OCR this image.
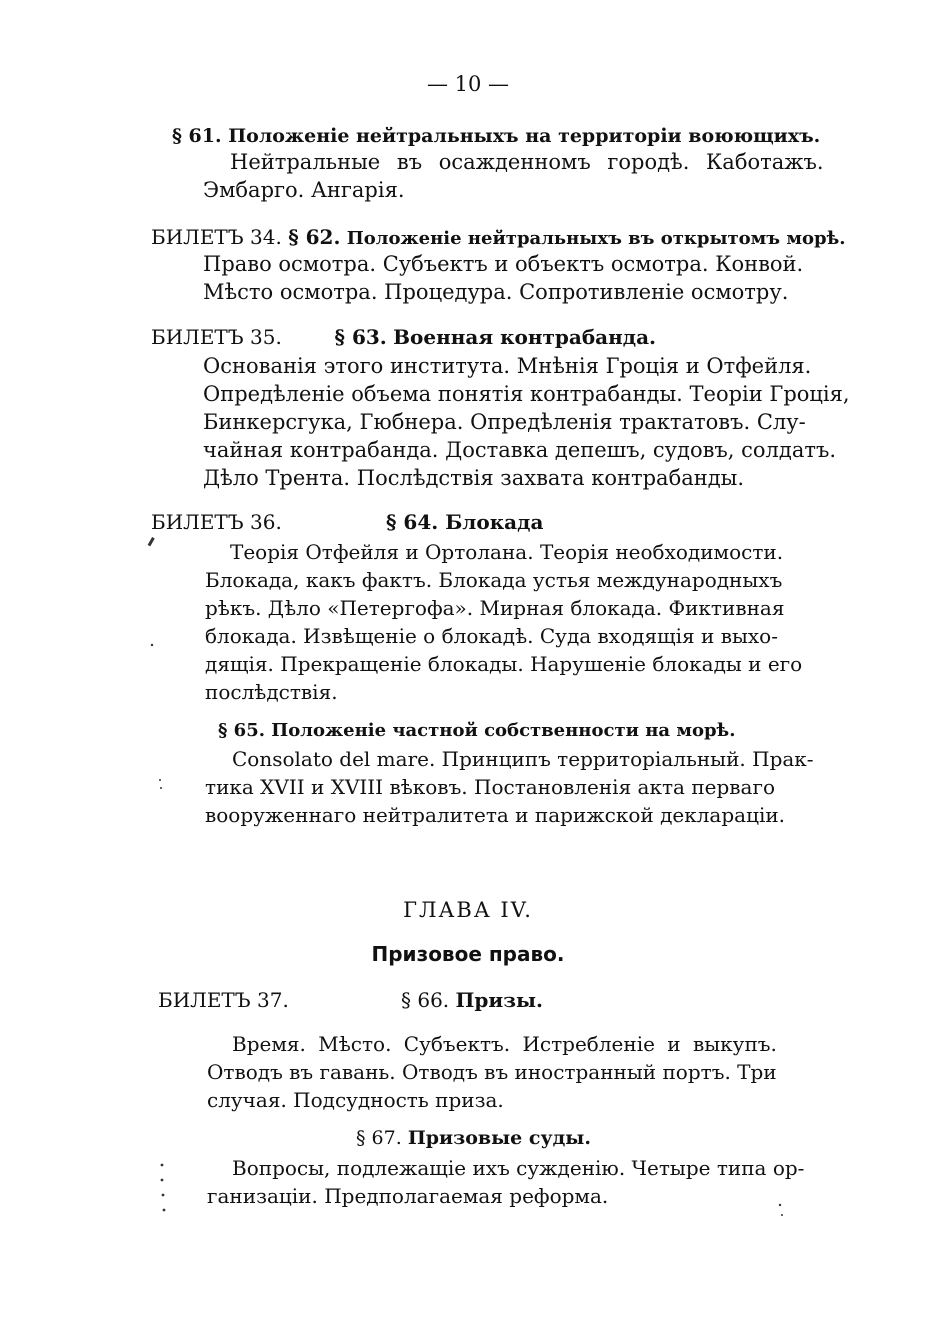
— 10 —
§ 61. Положеніе нейтральныхъ на территоріи воюющихъ.
Нейтральные въ осажденномъ городѣ. Каботажъ.
Эмбарго. Ангарія.
БИЛЕТЪ 34. § 62. Положеніе нейтральныхъ въ открытомъ морѣ.
Право осмотра. Субъектъ и объектъ осмотра. Конвой.
Мѣсто осмотра. Процедура. Сопротивленіе осмотру.
БИЛЕТЪ 35.	§ 63. Военная контрабанда.
Основанія этого института. Мнѣнія Гроція и Отфейля.
Опредѣленіе объема понятія контрабанды. Теоріи Гроція,
Бинкерсгука, Гюбнера. Опредѣленія трактатовъ. Слу-
чайная контрабанда. Доставка депешъ, судовъ, солдатъ.
Дѣло Трента. Послѣдствія захвата контрабанды.
БИЛЕТЪ 36.	§ 64. Блокада
Теорія Отфейля и Ортолана. Теорія необходимости.
Блокада, какъ фактъ. Блокада устья международныхъ
рѣкъ. Дѣло «Петергофа». Мирная блокада. Фиктивная
блокада. Извѣщеніе о блокадѣ. Суда входящія и выхо-
дящія. Прекращеніе блокады. Нарушеніе блокады и его
послѣдствія.
§ 65. Положеніе частной собственности на морѣ.
Consolato del mare. Принципъ территоріальный. Прак-
тика XVII и XVIII вѣковъ. Постановленія акта перваго
вооруженнаго нейтралитета и парижской деклараціи.
ГЛАВА IV.
Призовое право.
БИЛЕТЪ 37.	§ 66. Призы.
Время. Мѣсто. Субъектъ. Истребленіе и выкупъ.
Отводъ въ гавань. Отводъ въ иностранный портъ. Три
случая. Подсудность приза.
§ 67. Призовые суды.
Вопросы, подлежащіе ихъ сужденію. Четыре типа ор-
ганизаціи. Предполагаемая реформа.
